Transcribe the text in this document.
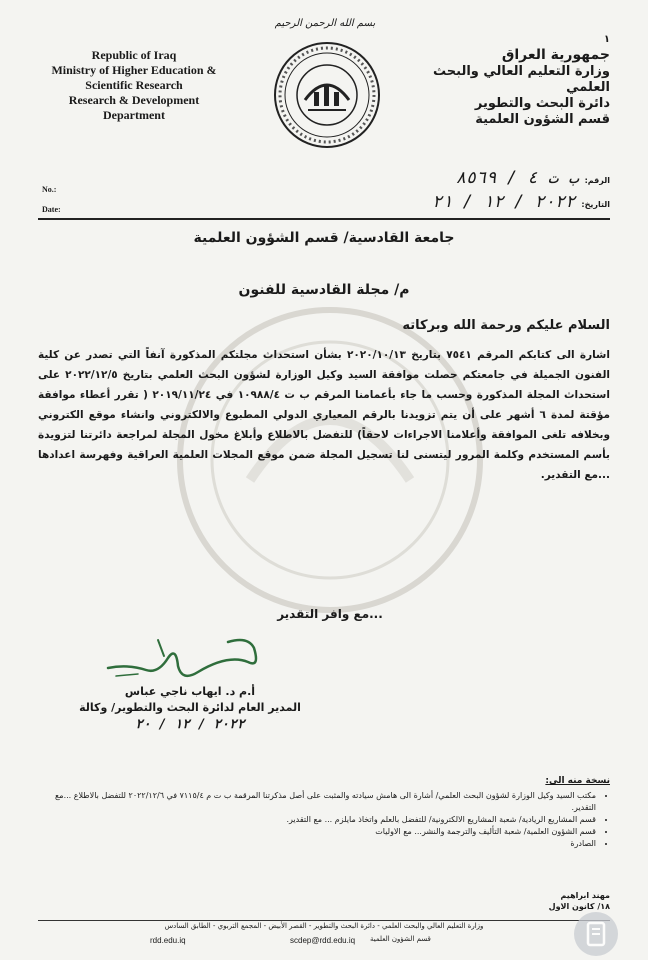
Republic of Iraq
Ministry of Higher Education &
Scientific Research
Research & Development
Department
بسم الله الرحمن الرحيم
١
جمهورية العراق
وزارة التعليم العالي والبحث العلمي
دائرة البحث والتطوير
قسم الشؤون العلمية
No.:
Date:
الرقم:
ب ت ٤ / ٨٥٦٩
التاريخ:
٢٠٢٢ / ١٢ / ٢١
جامعة القادسية/ قسم الشؤون العلمية
م/ مجلة القادسية للفنون
السلام عليكم ورحمة الله وبركاته
اشارة الى كتابكم المرقم ٧٥٤١ بتاريخ ٢٠٢٠/١٠/١٣ بشأن استحداث مجلتكم المذكورة آنفاً التي تصدر عن كلية الفنون الجميلة في جامعتكم حصلت موافقة السيد وكيل الوزارة لشؤون البحث العلمي بتاريخ ٢٠٢٢/١٢/٥ على استحداث المجلة المذكورة وحسب ما جاء بأعمامنا المرقم ب ت ١٠٩٨٨/٤ في ٢٠١٩/١١/٢٤ ( تقرر أعطاء موافقة مؤقتة لمدة ٦ أشهر على أن يتم تزويدنا بالرقم المعياري الدولي المطبوع والالكتروني وانشاء موقع الكتروني وبخلافه تلغى الموافقة وأعلامنا الاجراءات لاحقاً) للتفضل بالاطلاع وأبلاغ مخول المجلة لمراجعة دائرتنا لتزويدة بأسم المستخدم وكلمة المرور ليتسنى لنا تسجيل المجلة ضمن موقع المجلات العلمية العراقية وفهرسة اعدادها ...مع التقدير.
...مع وافر التقدير
أ.م د. ايهاب ناجي عباس
المدير العام لدائرة البحث والتطوير/ وكالة
٢٠٢٢ / ١٢ / ٢٠
نسخة منه الى:
• مكتب السيد وكيل الوزارة لشؤون البحث العلمي/ أشارة الى هامش سيادته والمثبت على أصل مذكرتنا المرقمة ب ت م ٧١١٥/٤ في ٢٠٢٢/١٢/٦ للتفضل بالاطلاع ...مع التقدير.
• قسم المشاريع الريادية/ شعبة المشاريع الالكترونية/ للتفضل بالعلم واتخاذ مايلزم ... مع التقدير.
• قسم الشؤون العلمية/ شعبة التأليف والترجمة والنشر... مع الاوليات
• الصادرة
مهند ابراهيم
١٨/ كانون الاول
وزارة التعليم العالي والبحث العلمي - دائرة البحث والتطوير - القصر الأبيض - المجمع التربوي - الطابق السادس
rdd.edu.iq	scdep@rdd.edu.iq قسم الشؤون العلمية
